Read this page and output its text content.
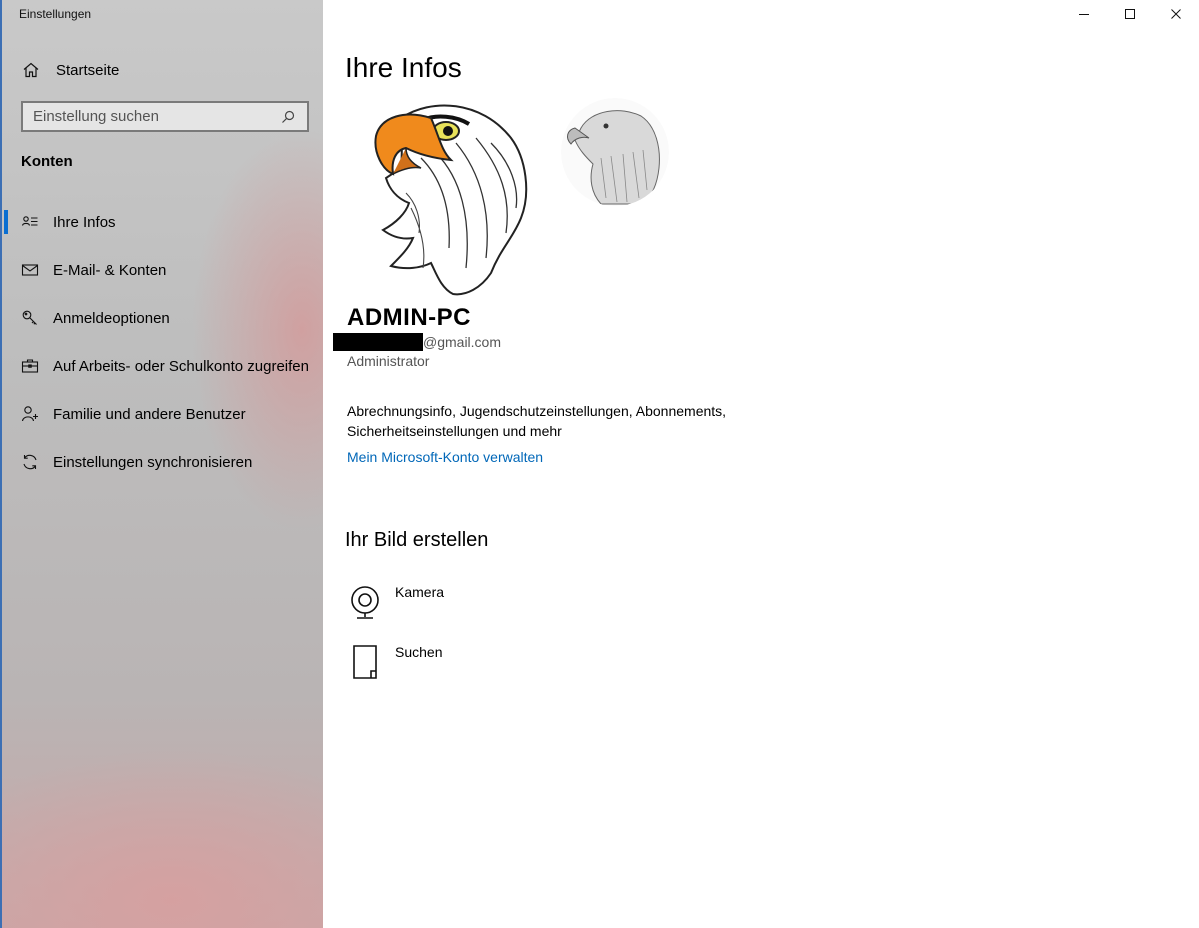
Einstellungen
Startseite
Einstellung suchen
Konten
Ihre Infos
E-Mail- & Konten
Anmeldeoptionen
Auf Arbeits- oder Schulkonto zugreifen
Familie und andere Benutzer
Einstellungen synchronisieren
Ihre Infos
ADMIN-PC
@gmail.com
Administrator
Abrechnungsinfo, Jugendschutzeinstellungen, Abonnements, Sicherheitseinstellungen und mehr
Mein Microsoft-Konto verwalten
Ihr Bild erstellen
Kamera
Suchen
